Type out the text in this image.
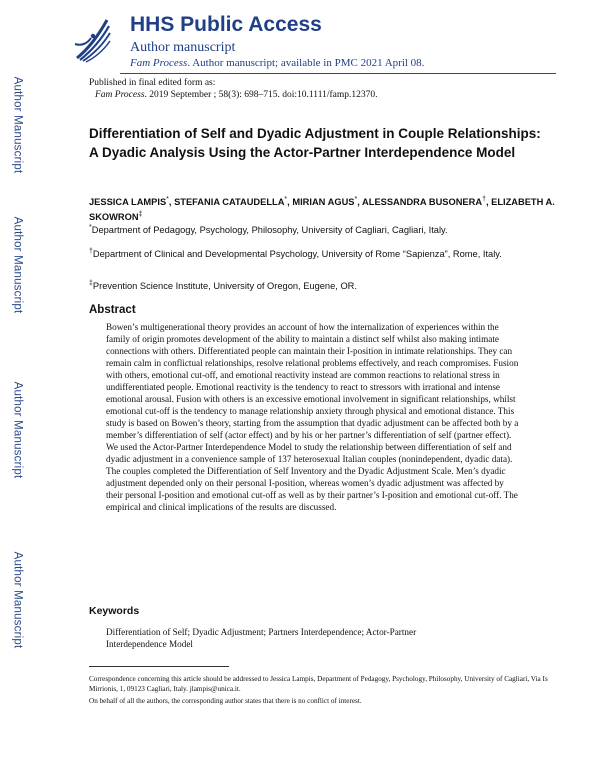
Author Manuscript
Author Manuscript
Author Manuscript
Author Manuscript
HHS Public Access
Author manuscript
Fam Process. Author manuscript; available in PMC 2021 April 08.
Published in final edited form as:
Fam Process. 2019 September ; 58(3): 698–715. doi:10.1111/famp.12370.
Differentiation of Self and Dyadic Adjustment in Couple Relationships: A Dyadic Analysis Using the Actor-Partner Interdependence Model
JESSICA LAMPIS*, STEFANIA CATAUDELLA*, MIRIAN AGUS*, ALESSANDRA BUSONERA†, ELIZABETH A. SKOWRON‡
*Department of Pedagogy, Psychology, Philosophy, University of Cagliari, Cagliari, Italy.
†Department of Clinical and Developmental Psychology, University of Rome “Sapienza”, Rome, Italy.
‡Prevention Science Institute, University of Oregon, Eugene, OR.
Abstract
Bowen’s multigenerational theory provides an account of how the internalization of experiences within the family of origin promotes development of the ability to maintain a distinct self whilst also making intimate connections with others. Differentiated people can maintain their I-position in intimate relationships. They can remain calm in conflictual relationships, resolve relational problems effectively, and reach compromises. Fusion with others, emotional cut-off, and emotional reactivity instead are common reactions to relational stress in undifferentiated people. Emotional reactivity is the tendency to react to stressors with irrational and intense emotional arousal. Fusion with others is an excessive emotional involvement in significant relationships, whilst emotional cut-off is the tendency to manage relationship anxiety through physical and emotional distance. This study is based on Bowen’s theory, starting from the assumption that dyadic adjustment can be affected both by a member’s differentiation of self (actor effect) and by his or her partner’s differentiation of self (partner effect). We used the Actor-Partner Interdependence Model to study the relationship between differentiation of self and dyadic adjustment in a convenience sample of 137 heterosexual Italian couples (nonindependent, dyadic data). The couples completed the Differentiation of Self Inventory and the Dyadic Adjustment Scale. Men’s dyadic adjustment depended only on their personal I-position, whereas women’s dyadic adjustment was affected by their personal I-position and emotional cut-off as well as by their partner’s I-position and emotional cut-off. The empirical and clinical implications of the results are discussed.
Keywords
Differentiation of Self; Dyadic Adjustment; Partners Interdependence; Actor-Partner Interdependence Model
Correspondence concerning this article should be addressed to Jessica Lampis, Department of Pedagogy, Psychology, Philosophy, University of Cagliari, Via Is Mirrionis, 1, 09123 Cagliari, Italy. jlampis@unica.it.
On behalf of all the authors, the corresponding author states that there is no conflict of interest.
